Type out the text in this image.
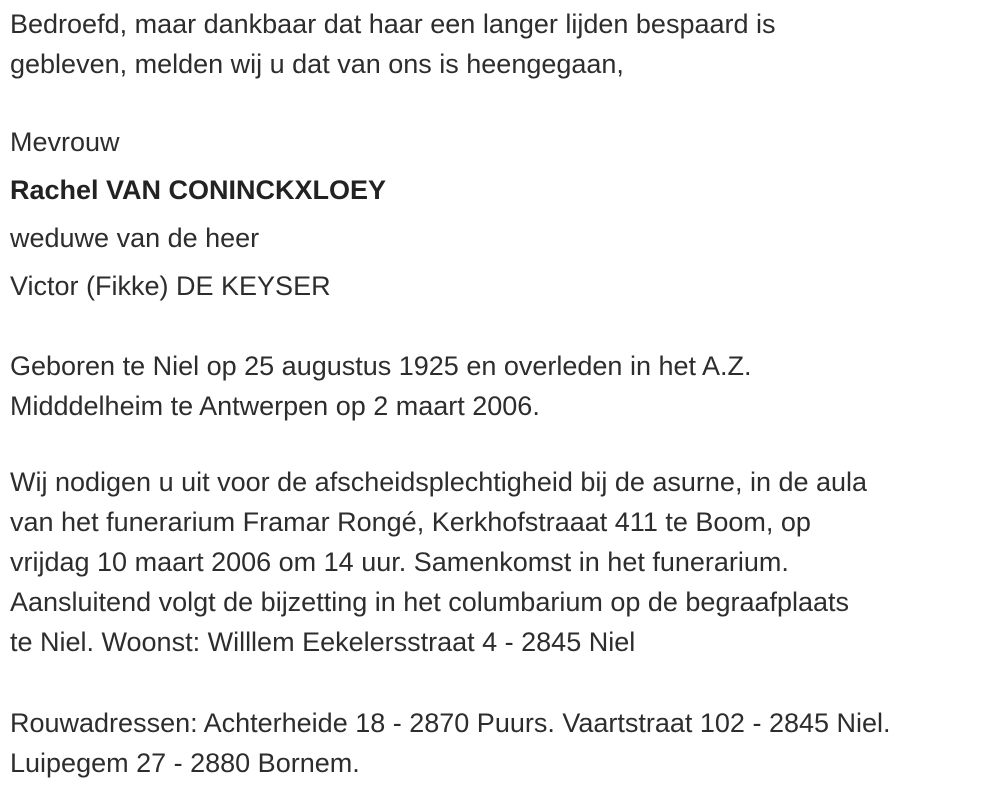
Bedroefd, maar dankbaar dat haar een langer lijden bespaard is
gebleven, melden wij u dat van ons is heengegaan,
Mevrouw
Rachel VAN CONINCKXLOEY
weduwe van de heer
Victor (Fikke) DE KEYSER
Geboren te Niel op 25 augustus 1925 en overleden in het A.Z.
Midddelheim te Antwerpen op 2 maart 2006.
Wij nodigen u uit voor de afscheidsplechtigheid bij de asurne, in de aula
van het funerarium Framar Rongé, Kerkhofstraaat 411 te Boom, op
vrijdag 10 maart 2006 om 14 uur. Samenkomst in het funerarium.
Aansluitend volgt de bijzetting in het columbarium op de begraafplaats
te Niel. Woonst: Willlem Eekelersstraat 4 - 2845 Niel
Rouwadressen: Achterheide 18 - 2870 Puurs. Vaartstraat 102 - 2845 Niel.
Luipegem 27 - 2880 Bornem.
